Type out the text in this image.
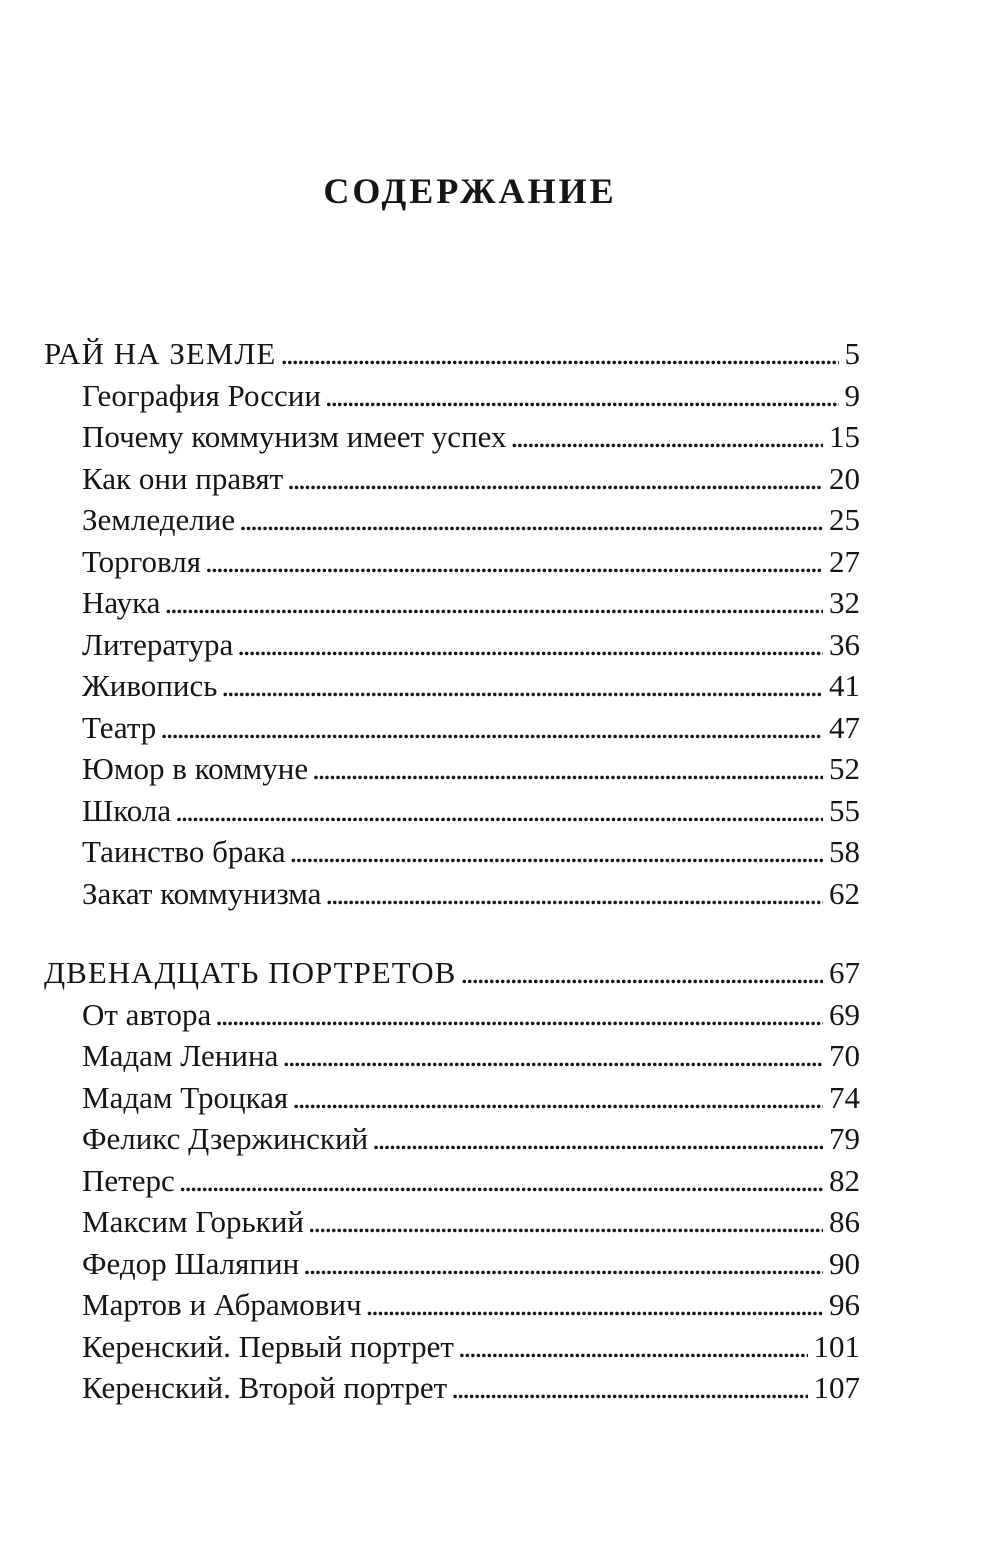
СОДЕРЖАНИЕ
РАЙ НА ЗЕМЛЕ . . .	5
География России . . .	9
Почему коммунизм имеет успех . . .	15
Как они правят . . .	20
Земледелие . . .	25
Торговля . . .	27
Наука . . .	32
Литература . . .	36
Живопись . . .	41
Театр . . .	47
Юмор в коммуне . . .	52
Школа . . .	55
Таинство брака . . .	58
Закат коммунизма . . .	62
ДВЕНАДЦАТЬ ПОРТРЕТОВ . . .	67
От автора . . .	69
Мадам Ленина . . .	70
Мадам Троцкая . . .	74
Феликс Дзержинский . . .	79
Петерс . . .	82
Максим Горький . . .	86
Федор Шаляпин . . .	90
Мартов и Абрамович . . .	96
Керенский. Первый портрет . . .	101
Керенский. Второй портрет . . .	107
